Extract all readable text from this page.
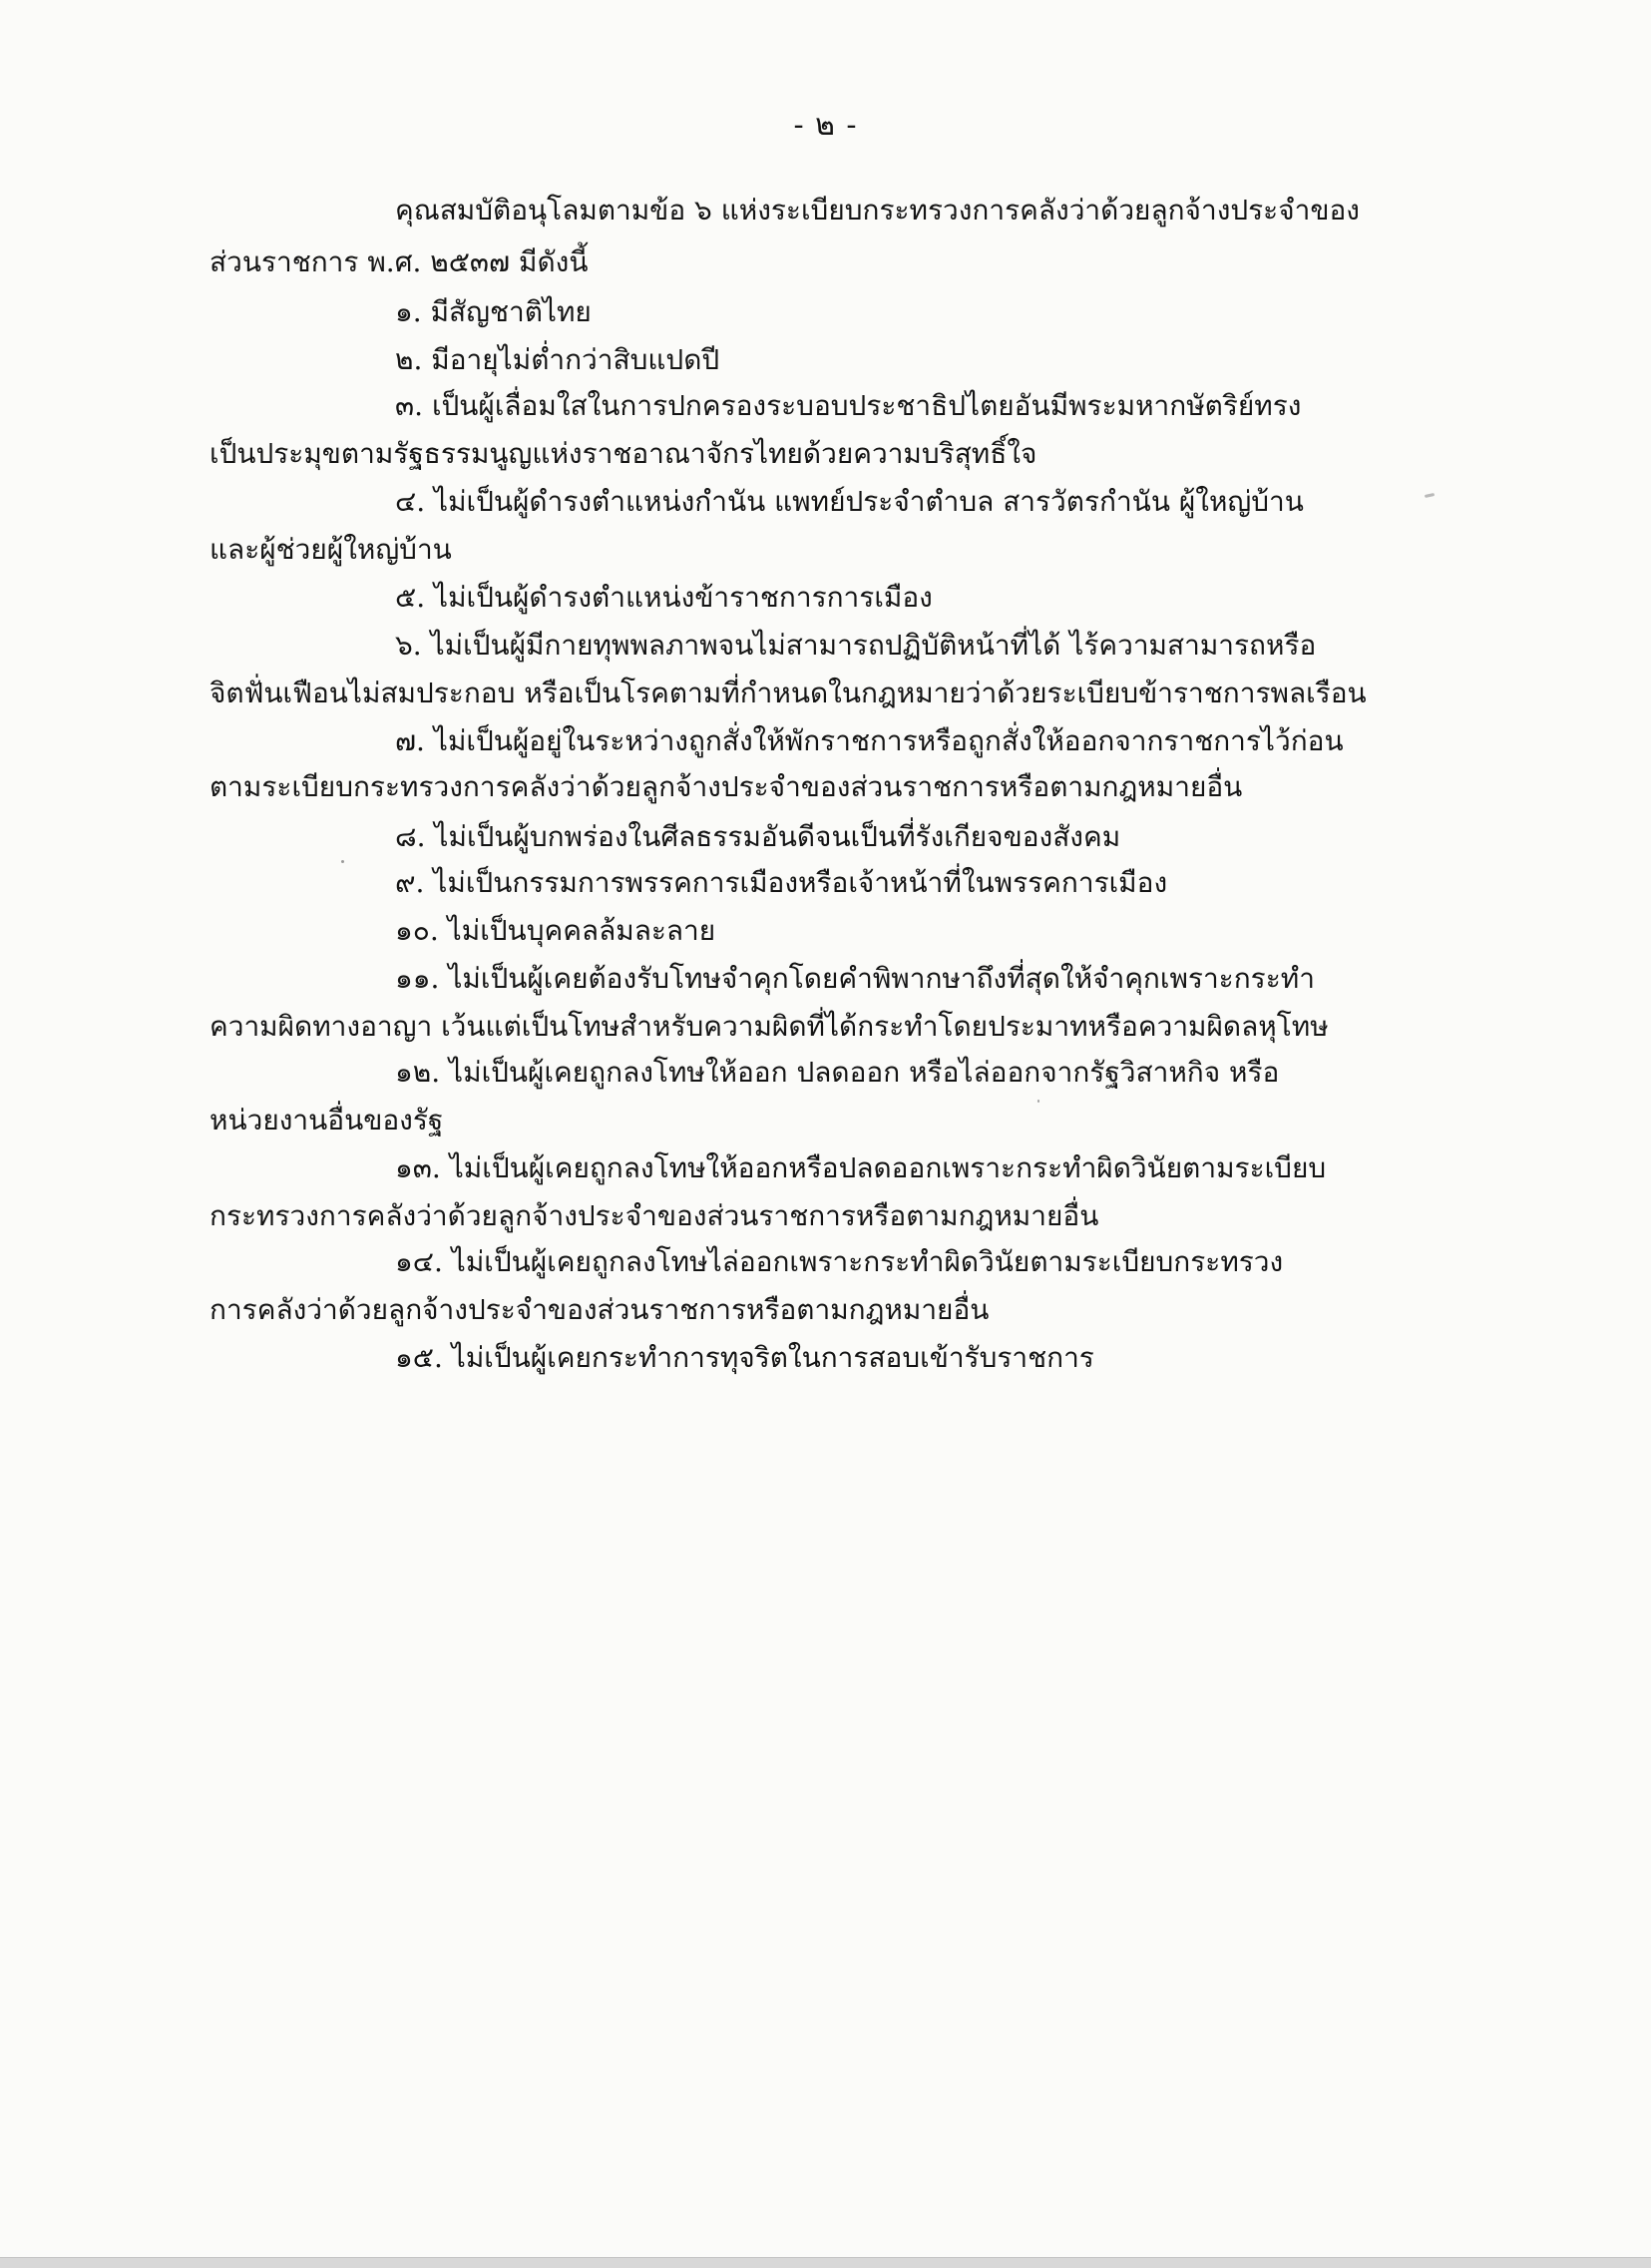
- ๒ -
คุณสมบัติอนุโลมตามข้อ ๖ แห่งระเบียบกระทรวงการคลังว่าด้วยลูกจ้างประจำของ
ส่วนราชการ พ.ศ. ๒๕๓๗ มีดังนี้
๑. มีสัญชาติไทย
๒. มีอายุไม่ต่ำกว่าสิบแปดปี
๓. เป็นผู้เลื่อมใสในการปกครองระบอบประชาธิปไตยอันมีพระมหากษัตริย์ทรง
เป็นประมุขตามรัฐธรรมนูญแห่งราชอาณาจักรไทยด้วยความบริสุทธิ์ใจ
๔. ไม่เป็นผู้ดำรงตำแหน่งกำนัน แพทย์ประจำตำบล สารวัตรกำนัน ผู้ใหญ่บ้าน
และผู้ช่วยผู้ใหญ่บ้าน
๕. ไม่เป็นผู้ดำรงตำแหน่งข้าราชการการเมือง
๖. ไม่เป็นผู้มีกายทุพพลภาพจนไม่สามารถปฏิบัติหน้าที่ได้ ไร้ความสามารถหรือ
จิตฟั่นเฟือนไม่สมประกอบ หรือเป็นโรคตามที่กำหนดในกฎหมายว่าด้วยระเบียบข้าราชการพลเรือน
๗. ไม่เป็นผู้อยู่ในระหว่างถูกสั่งให้พักราชการหรือถูกสั่งให้ออกจากราชการไว้ก่อน
ตามระเบียบกระทรวงการคลังว่าด้วยลูกจ้างประจำของส่วนราชการหรือตามกฎหมายอื่น
๘. ไม่เป็นผู้บกพร่องในศีลธรรมอันดีจนเป็นที่รังเกียจของสังคม
๙. ไม่เป็นกรรมการพรรคการเมืองหรือเจ้าหน้าที่ในพรรคการเมือง
๑๐. ไม่เป็นบุคคลล้มละลาย
๑๑. ไม่เป็นผู้เคยต้องรับโทษจำคุกโดยคำพิพากษาถึงที่สุดให้จำคุกเพราะกระทำ
ความผิดทางอาญา เว้นแต่เป็นโทษสำหรับความผิดที่ได้กระทำโดยประมาทหรือความผิดลหุโทษ
๑๒. ไม่เป็นผู้เคยถูกลงโทษให้ออก ปลดออก หรือไล่ออกจากรัฐวิสาหกิจ หรือ
หน่วยงานอื่นของรัฐ
๑๓. ไม่เป็นผู้เคยถูกลงโทษให้ออกหรือปลดออกเพราะกระทำผิดวินัยตามระเบียบ
กระทรวงการคลังว่าด้วยลูกจ้างประจำของส่วนราชการหรือตามกฎหมายอื่น
๑๔. ไม่เป็นผู้เคยถูกลงโทษไล่ออกเพราะกระทำผิดวินัยตามระเบียบกระทรวง
การคลังว่าด้วยลูกจ้างประจำของส่วนราชการหรือตามกฎหมายอื่น
๑๕. ไม่เป็นผู้เคยกระทำการทุจริตในการสอบเข้ารับราชการ
